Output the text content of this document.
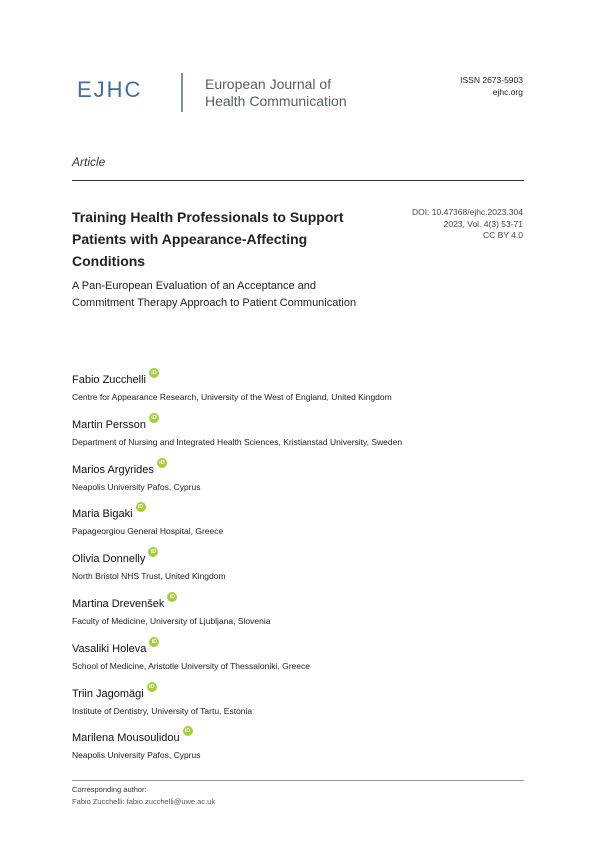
EJHC	European Journal of
Health Communication
ISSN 2673-5903
ejhc.org
Article
Training Health Professionals to Support Patients with Appearance-Affecting Conditions
A Pan-European Evaluation of an Acceptance and Commitment Therapy Approach to Patient Communication
DOI: 10.47368/ejhc.2023.304
2023, Vol. 4(3) 53-71
CC BY 4.0
Fabio ZucchelliiD
Centre for Appearance Research, University of the West of England, United Kingdom
Martin PerssoniD
Department of Nursing and Integrated Health Sciences, Kristianstad University, Sweden
Marios ArgyridesiD
Neapolis University Pafos, Cyprus
Maria BigakiiD
Papageorgiou General Hospital, Greece
Olivia DonnellyiD
North Bristol NHS Trust, United Kingdom
Martina DrevenšekiD
Faculty of Medicine, University of Ljubljana, Slovenia
Vasaliki HolevaiD
School of Medicine, Aristotle University of Thessaloniki, Greece
Triin JagomägiiD
Institute of Dentistry, University of Tartu, Estonia
Marilena MousoulidouiD
Neapolis University Pafos, Cyprus
Corresponding author:
Fabio Zucchelli: fabio.zucchelli@uwe.ac.uk
